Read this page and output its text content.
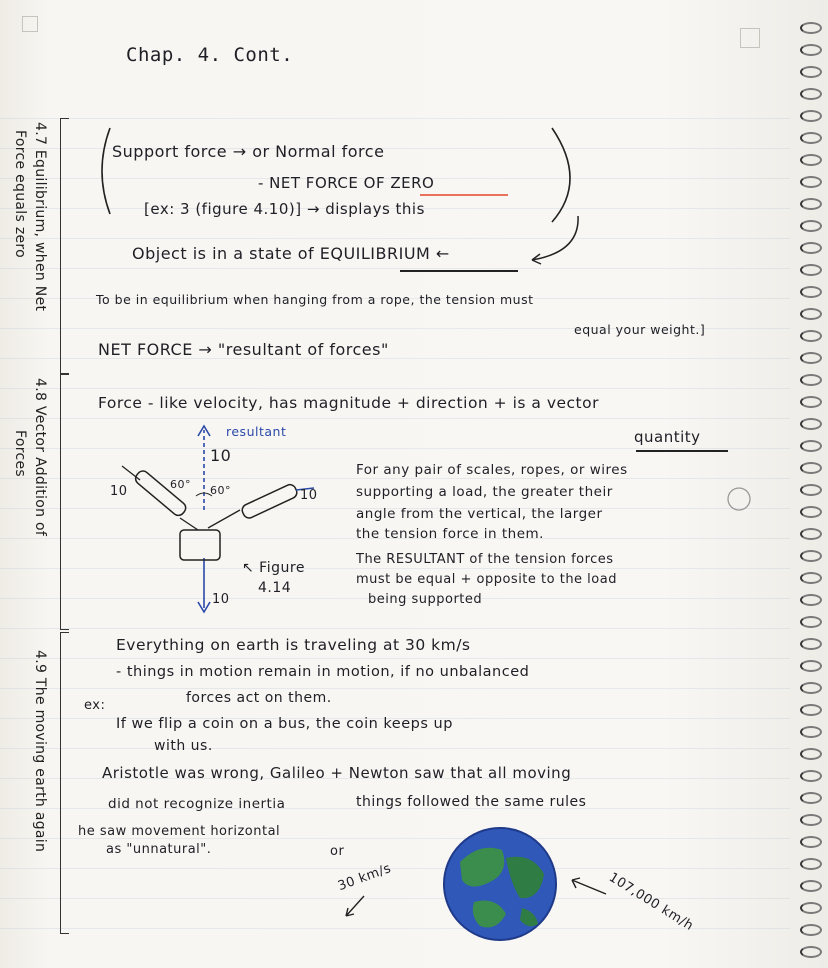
Chap. 4. Cont.
4.7 Equilibrium, when Net
Force equals zero
4.8 Vector Addition of
Forces
4.9 The moving earth again
Support force → or Normal force
- NET FORCE OF ZERO
[ex: 3 (figure 4.10)] → displays this
Object is in a state of EQUILIBRIUM ←
To be in equilibrium when hanging from a rope, the tension must
equal your weight.]
NET FORCE → "resultant of forces"
Force - like velocity, has magnitude + direction + is a vector
quantity
resultant
10
10	10
60° 60°
10
↖ Figure
4.14
For any pair of scales, ropes, or wires
supporting a load, the greater their
angle from the vertical, the larger
the tension force in them.
The RESULTANT of the tension forces
must be equal + opposite to the load
being supported
Everything on earth is traveling at 30 km/s
- things in motion remain in motion, if no unbalanced
forces act on them.
ex:
If we flip a coin on a bus, the coin keeps up
with us.
Aristotle was wrong, Galileo + Newton saw that all moving
did not recognize inertia	things followed the same rules
he saw movement horizontal
as "unnatural".	or
30 km/s	107,000 km/h
